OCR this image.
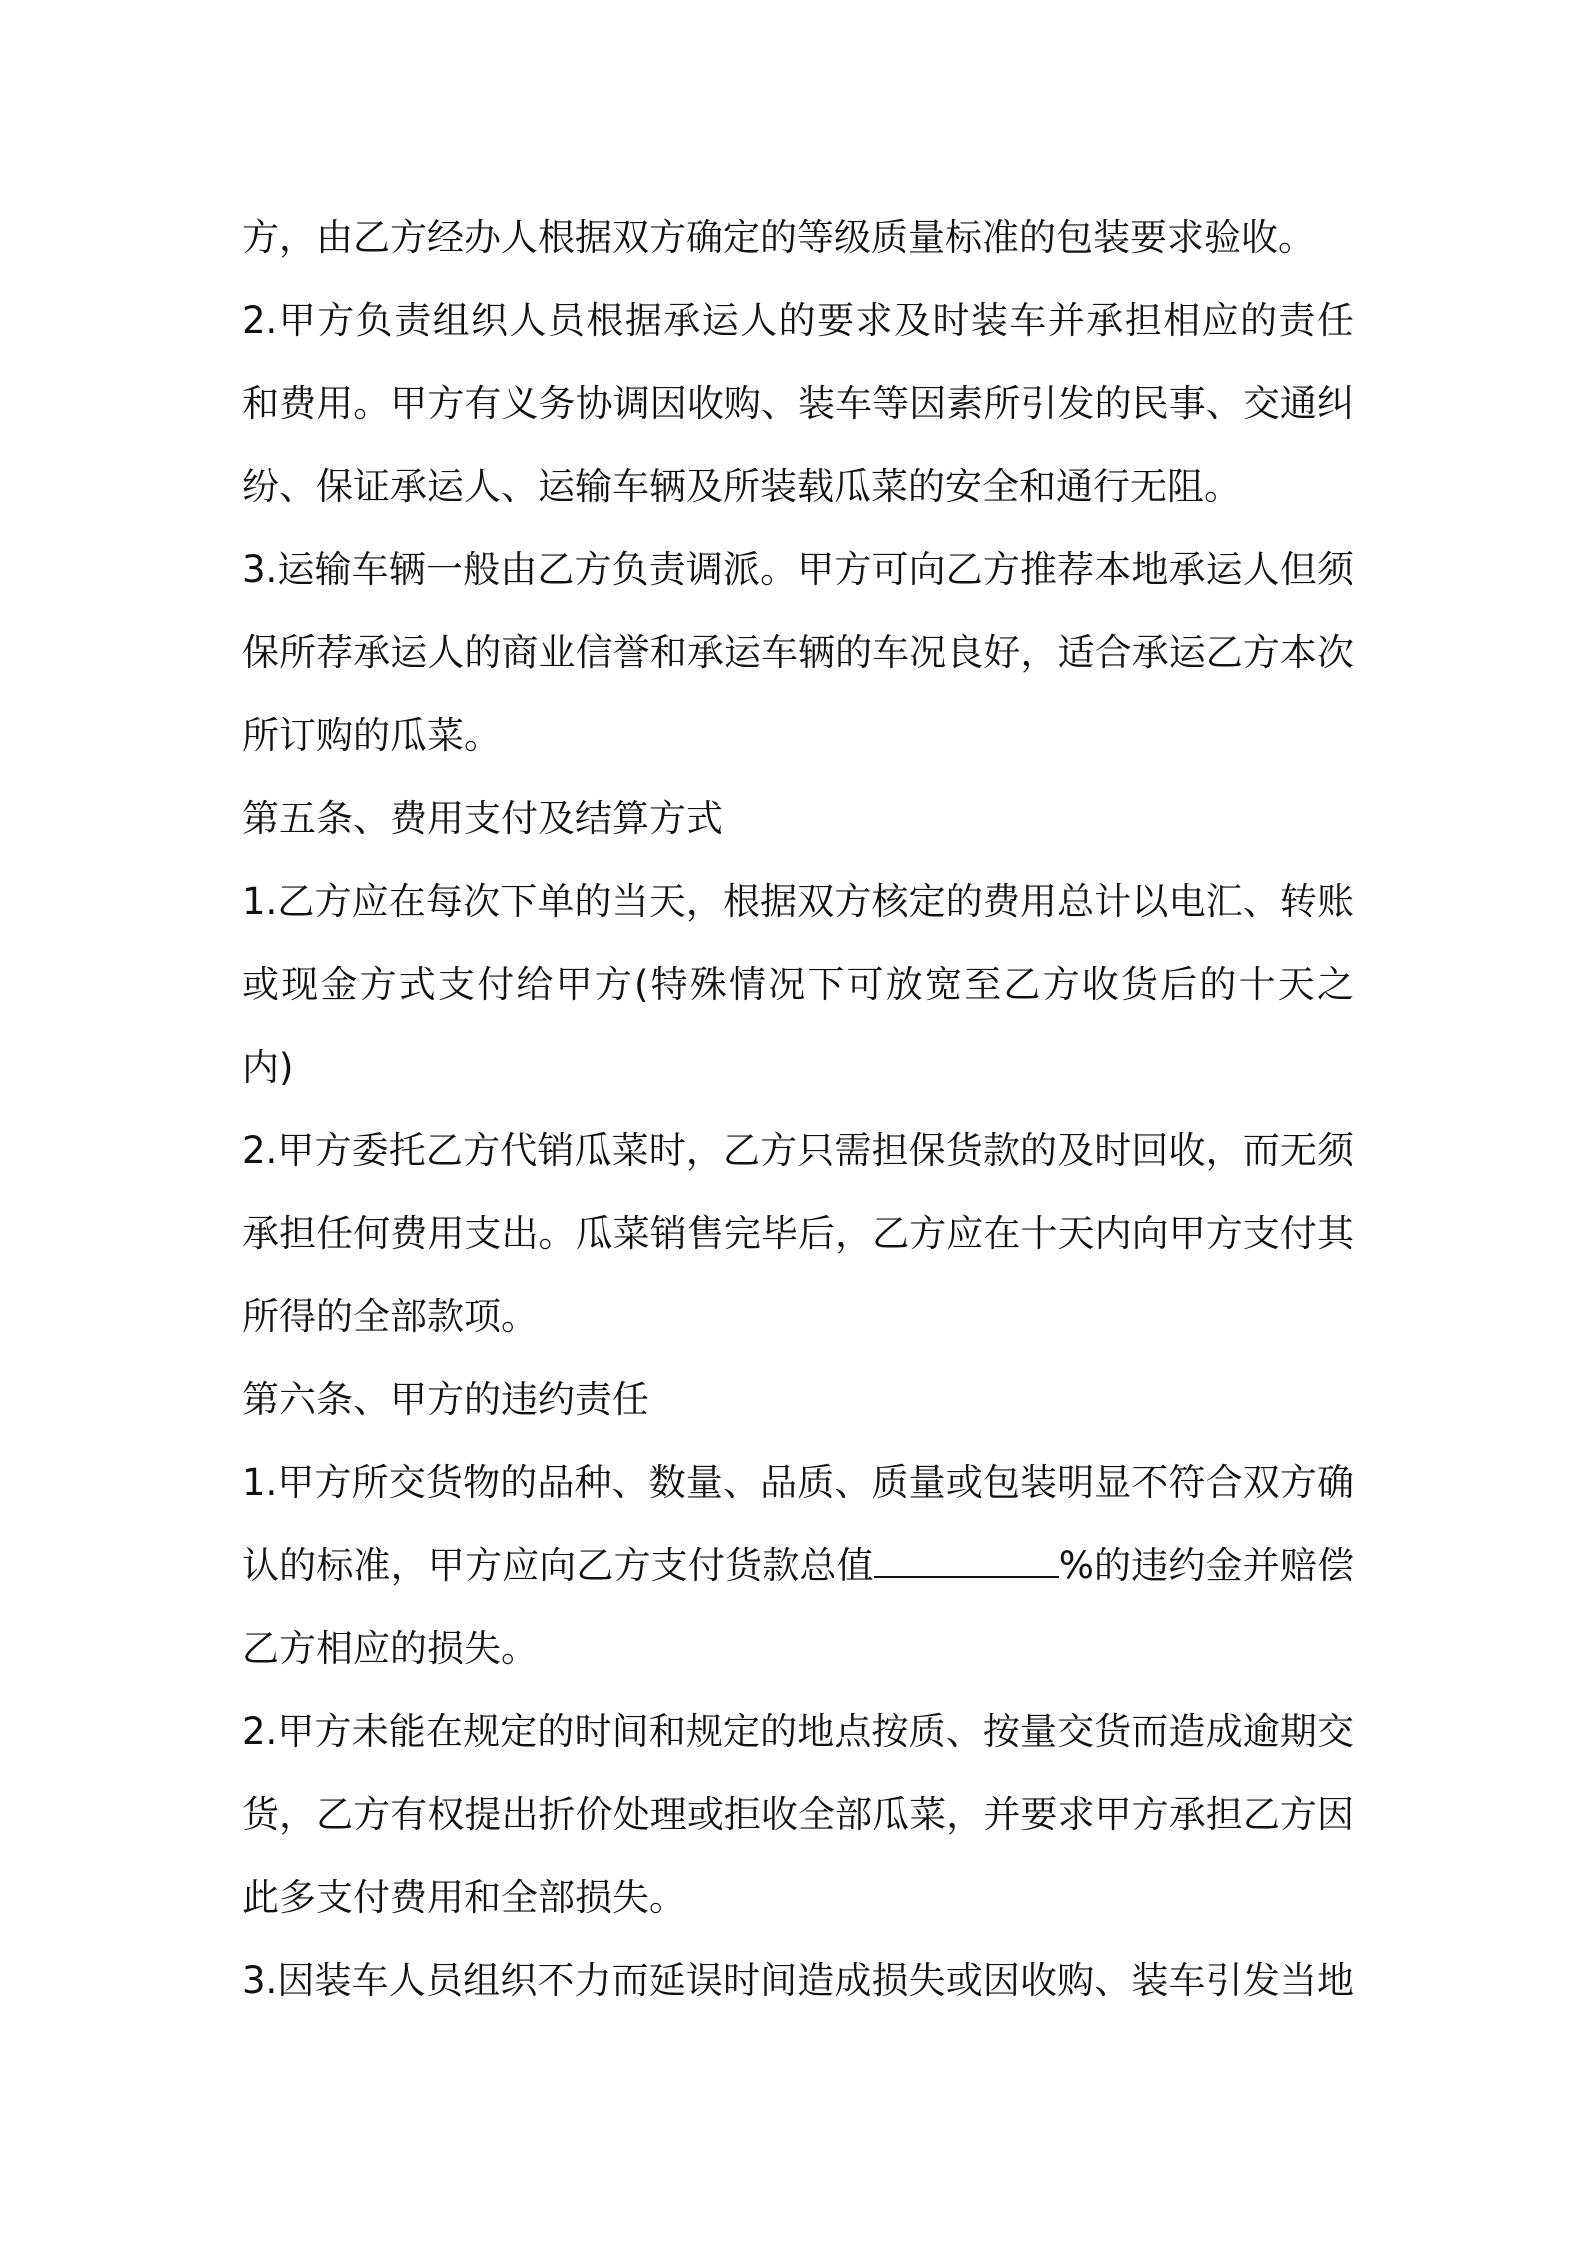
方，由乙方经办人根据双方确定的等级质量标准的包装要求验收。

2.甲方负责组织人员根据承运人的要求及时装车并承担相应的责任
和费用。甲方有义务协调因收购、装车等因素所引发的民事、交通纠
纷、保证承运人、运输车辆及所装载瓜菜的安全和通行无阻。

3.运输车辆一般由乙方负责调派。甲方可向乙方推荐本地承运人但须
保所荐承运人的商业信誉和承运车辆的车况良好，适合承运乙方本次
所订购的瓜菜。

第五条、费用支付及结算方式

1.乙方应在每次下单的当天，根据双方核定的费用总计以电汇、转账
或现金方式支付给甲方(特殊情况下可放宽至乙方收货后的十天之
内)

2.甲方委托乙方代销瓜菜时，乙方只需担保货款的及时回收，而无须
承担任何费用支出。瓜菜销售完毕后，乙方应在十天内向甲方支付其
所得的全部款项。

第六条、甲方的违约责任

1.甲方所交货物的品种、数量、品质、质量或包装明显不符合双方确
认的标准，甲方应向乙方支付货款总值	%的违约金并赔偿
乙方相应的损失。

2.甲方未能在规定的时间和规定的地点按质、按量交货而造成逾期交
货，乙方有权提出折价处理或拒收全部瓜菜，并要求甲方承担乙方因
此多支付费用和全部损失。

3.因装车人员组织不力而延误时间造成损失或因收购、装车引发当地
